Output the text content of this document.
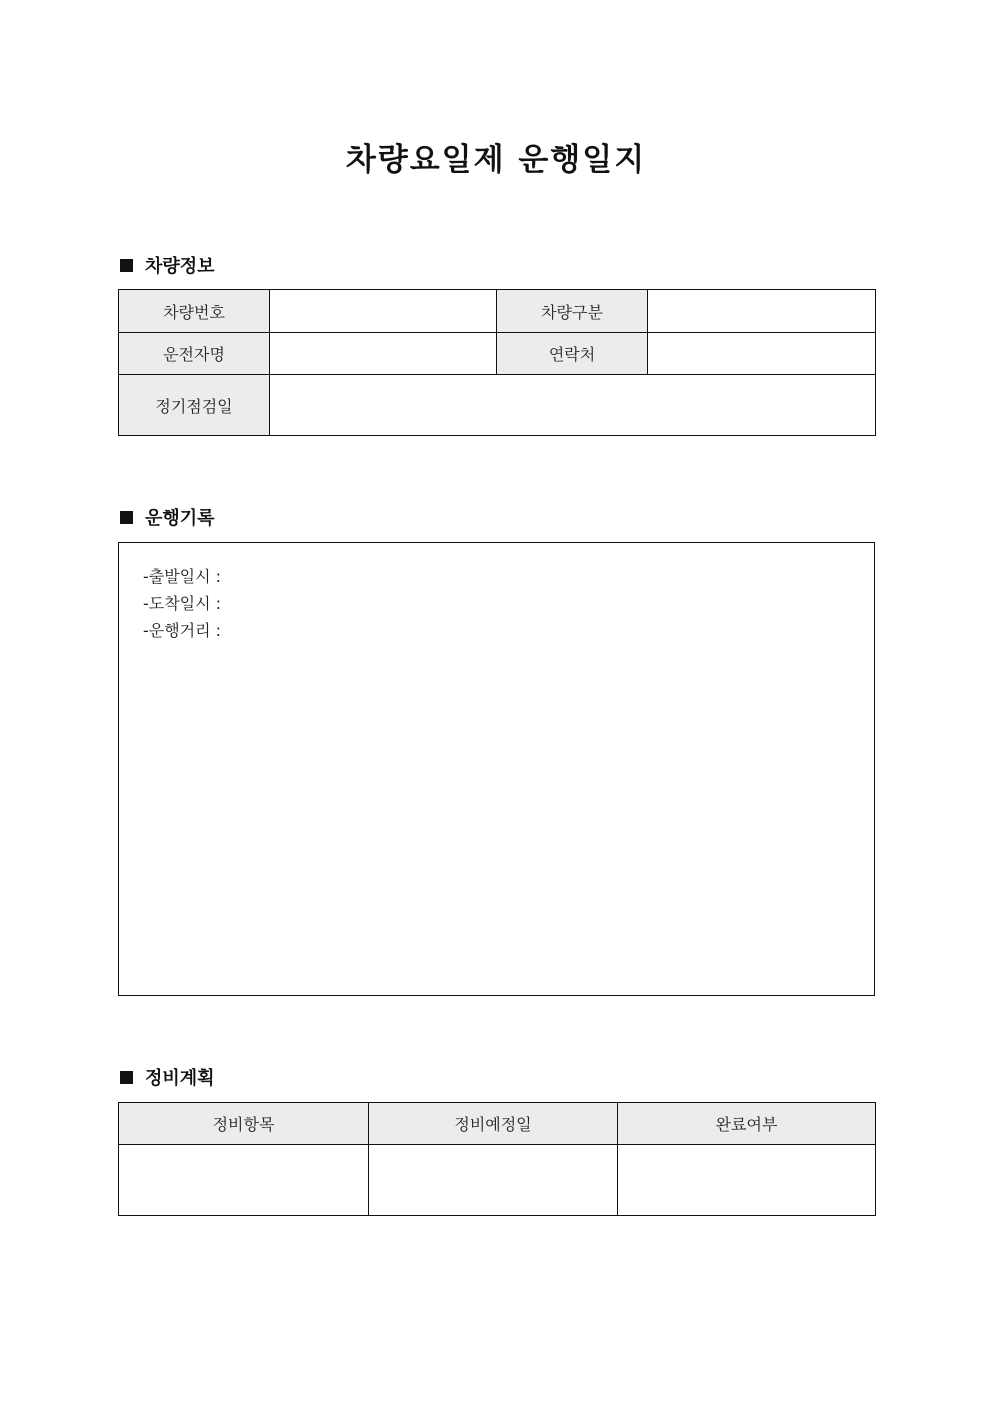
차량요일제 운행일지
차량정보
차량번호		차량구분	
운전자명		연락처	
정기점검일			
운행기록
-출발일시 :
-도착일시 :
-운행거리 :
정비계획
정비항목	정비예정일	완료여부
